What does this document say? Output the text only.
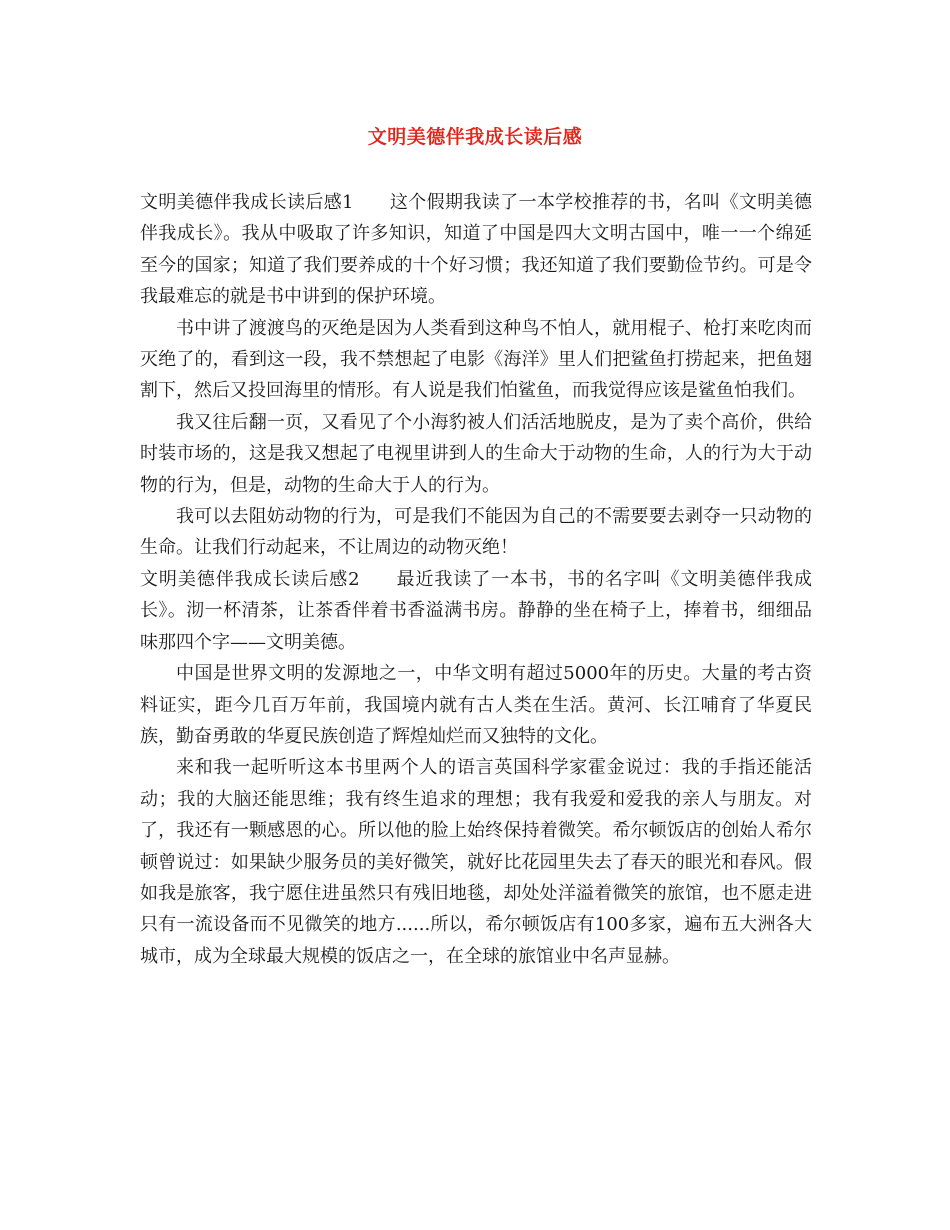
文明美德伴我成长读后感

文明美德伴我成长读后感1 这个假期我读了一本学校推荐的书，名叫《文明美德伴我成长》。我从中吸取了许多知识，知道了中国是四大文明古国中，唯一一个绵延至今的国家；知道了我们要养成的十个好习惯；我还知道了我们要勤俭节约。可是令我最难忘的就是书中讲到的保护环境。

书中讲了渡渡鸟的灭绝是因为人类看到这种鸟不怕人，就用棍子、枪打来吃肉而灭绝了的，看到这一段，我不禁想起了电影《海洋》里人们把鲨鱼打捞起来，把鱼翅割下，然后又投回海里的情形。有人说是我们怕鲨鱼，而我觉得应该是鲨鱼怕我们。

我又往后翻一页，又看见了个小海豹被人们活活地脱皮，是为了卖个高价，供给时装市场的，这是我又想起了电视里讲到人的生命大于动物的生命，人的行为大于动物的行为，但是，动物的生命大于人的行为。

我可以去阻妨动物的行为，可是我们不能因为自己的不需要要去剥夺一只动物的生命。让我们行动起来，不让周边的动物灭绝！

文明美德伴我成长读后感2 最近我读了一本书，书的名字叫《文明美德伴我成长》。沏一杯清茶，让茶香伴着书香溢满书房。静静的坐在椅子上，捧着书，细细品味那四个字——文明美德。

中国是世界文明的发源地之一，中华文明有超过5000年的历史。大量的考古资料证实，距今几百万年前，我国境内就有古人类在生活。黄河、长江哺育了华夏民族，勤奋勇敢的华夏民族创造了辉煌灿烂而又独特的文化。

来和我一起听听这本书里两个人的语言英国科学家霍金说过：我的手指还能活动；我的大脑还能思维；我有终生追求的理想；我有我爱和爱我的亲人与朋友。对了，我还有一颗感恩的心。所以他的脸上始终保持着微笑。希尔顿饭店的创始人希尔顿曾说过：如果缺少服务员的美好微笑，就好比花园里失去了春天的眼光和春风。假如我是旅客，我宁愿住进虽然只有残旧地毯，却处处洋溢着微笑的旅馆，也不愿走进只有一流设备而不见微笑的地方......所以，希尔顿饭店有100多家，遍布五大洲各大城市，成为全球最大规模的饭店之一，在全球的旅馆业中名声显赫。
